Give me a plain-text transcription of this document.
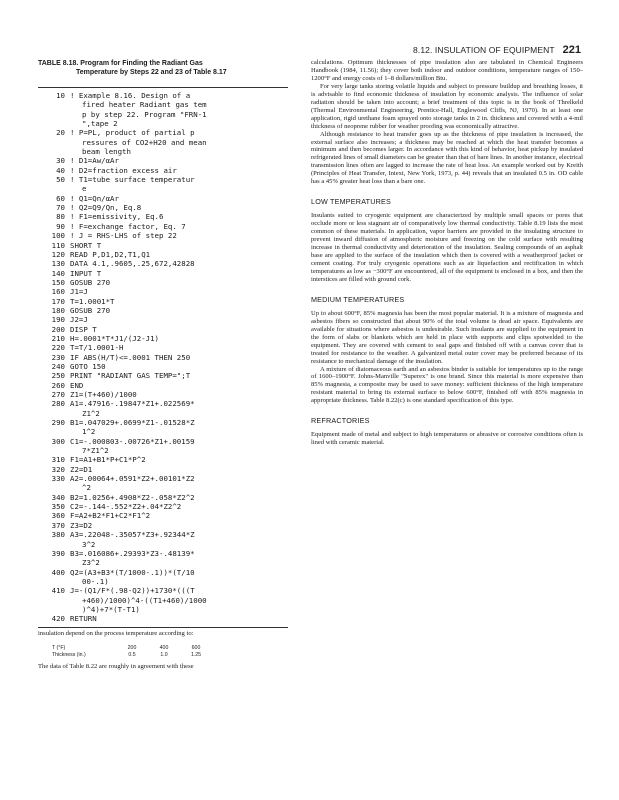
8.12. INSULATION OF EQUIPMENT 221
TABLE 8.18. Program for Finding the Radiant Gas
Temperature by Steps 22 and 23 of Table 8.17
10 ! Example 8.16. Design of a
fired heater Radiant gas tem
p by step 22. Program "FRN-1
",tape 2
20 ! P=PL, product of partial p
ressures of CO2+H20 and mean
beam length
30 ! D1=Aw/αAr
40 ! D2=fraction excess air
50 ! T1=tube surface temperatur
e
60 ! Q1=Qn/αAr
70 ! Q2=Q9/Qn, Eq.8
80 ! F1=emissivity, Eq.6
90 ! F=exchange factor, Eq. 7
100 ! J = RHS-LHS of step 22
110 SHORT T
120 READ P,D1,D2,T1,Q1
130 DATA 4.1,.9605,.25,672,42828
140 INPUT T
150 GOSUB 270
160 J1=J
170 T=1.0001*T
180 GOSUB 270
190 J2=J
200 DISP T
210 H=.0001*T*J1/(J2-J1)
220 T=T/1.0001-H
230 IF ABS(H/T)<=.0001 THEN 250
240 GOTO 150
250 PRINT "RADIANT GAS TEMP=";T
260 END
270 Z1=(T+460)/1000
280 A1=.47916-.19847*Z1+.022569*
Z1^2
290 B1=.047029+.0699*Z1-.01528*Z
1^2
300 C1=-.000803-.00726*Z1+.00159
7*Z1^2
310 F1=A1+B1*P+C1*P^2
320 Z2=D1
330 A2=.00064+.0591*Z2+.00101*Z2
^2
340 B2=1.0256+.4908*Z2-.058*Z2^2
350 C2=-.144-.552*Z2+.04*Z2^2
360 F=A2+B2*F1+C2*F1^2
370 Z3=D2
380 A3=.22048-.35057*Z3+.92344*Z
3^2
390 B3=.016086+.29393*Z3-.48139*
Z3^2
400 Q2=(A3+B3*(T/1000-.1))*(T/10
00-.1)
410 J=-(Q1/F*(.98-Q2))+1730*(((T
+460)/1000)^4-((T1+460)/1000
)^4)+7*(T-T1)
420 RETURN
insulation depend on the process temperature according to:
T (°F)	200	400	600
Thickness (in.)	0.5	1.0	1.25
The data of Table 8.22 are roughly in agreement with these

calculations. Optimum thicknesses of pipe insulation also are tabulated in Chemical Engineers Handbook (1984, 11.56); they cover both indoor and outdoor conditions, temperature ranges of 150–1200°F and energy costs of 1–8 dollars/million Btu.

For very large tanks storing volatile liquids and subject to pressure buildup and breathing losses, it is advisable to find economic thickness of insulation by economic analysis. The influence of solar radiation should be taken into account; a brief treatment of this topic is in the book of Threlkeld (Thermal Environmental Engineering, Prentice-Hall, Englewood Cliffs, NJ, 1970). In at least one application, rigid urethane foam sprayed onto storage tanks in 2 in. thickness and covered with a 4-mil thickness of neoprene rubber for weather proofing was economically attractive.

Although resistance to heat transfer goes up as the thickness of pipe insulation is increased, the external surface also increases; a thickness may be reached at which the heat transfer becomes a minimum and then becomes larger. In accordance with this kind of behavior, heat pickup by insulated refrigerated lines of small diameters can be greater than that of bare lines. In another instance, electrical transmission lines often are lagged to increase the rate of heat loss. An example worked out by Kreith (Principles of Heat Transfer, Intext, New York, 1973, p. 44) reveals that an insulated 0.5 in. OD cable has a 45% greater heat loss than a bare one.

LOW TEMPERATURES

Insulants suited to cryogenic equipment are characterized by multiple small spaces or pores that occlude more or less stagnant air of comparatively low thermal conductivity. Table 8.19 lists the most common of these materials. In application, vapor barriers are provided in the insulating structure to prevent inward diffusion of atmospheric moisture and freezing on the cold surface with resulting increase in thermal conductivity and deterioration of the insulation. Sealing compounds of an asphalt base are applied to the surface of the insulation which then is covered with a weatherproof jacket or cement coating. For truly cryogenic operations such as air liquefaction and rectification in which temperatures as low as −300°F are encountered, all of the equipment is enclosed in a box, and then the interstices are filled with ground cork.

MEDIUM TEMPERATURES

Up to about 600°F, 85% magnesia has been the most popular material. It is a mixture of magnesia and asbestos fibers so constructed that about 90% of the total volume is dead air space. Equivalents are available for situations where asbestos is undesirable. Such insulants are supplied to the equipment in the form of slabs or blankets which are held in place with supports and clips spotwelded to the equipment. They are covered with cement to seal gaps and finished off with a canvas cover that is treated for resistance to the weather. A galvanized metal outer cover may be preferred because of its resistance to mechanical damage of the insulation.

A mixture of diatomaceous earth and an asbestos binder is suitable for temperatures up to the range of 1600–1900°F. Johns-Manville "Superex" is one brand. Since this material is more expensive than 85% magnesia, a composite may be used to save money: sufficient thickness of the high temperature resistant material to bring its external surface to below 600°F, finished off with 85% magnesia in appropriate thickness. Table 8.22(c) is one standard specification of this type.

REFRACTORIES

Equipment made of metal and subject to high temperatures or abrasive or corrosive conditions often is lined with ceramic material.
